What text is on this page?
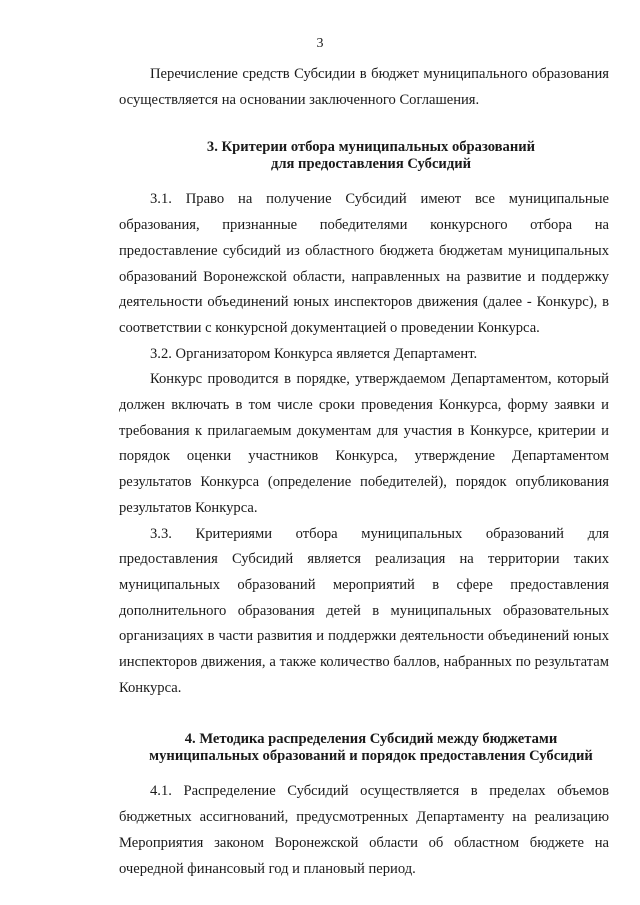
3

Перечисление средств Субсидии в бюджет муниципального образования осуществляется на основании заключенного Соглашения.

3. Критерии отбора муниципальных образований
для предоставления Субсидий

3.1. Право на получение Субсидий имеют все муниципальные образования, признанные победителями конкурсного отбора на предоставление субсидий из областного бюджета бюджетам муниципальных образований Воронежской области, направленных на развитие и поддержку деятельности объединений юных инспекторов движения (далее - Конкурс), в соответствии с конкурсной документацией о проведении Конкурса.

3.2. Организатором Конкурса является Департамент.

Конкурс проводится в порядке, утверждаемом Департаментом, который должен включать в том числе сроки проведения Конкурса, форму заявки и требования к прилагаемым документам для участия в Конкурсе, критерии и порядок оценки участников Конкурса, утверждение Департаментом результатов Конкурса (определение победителей), порядок опубликования результатов Конкурса.

3.3. Критериями отбора муниципальных образований для предоставления Субсидий является реализация на территории таких муниципальных образований мероприятий в сфере предоставления дополнительного образования детей в муниципальных образовательных организациях в части развития и поддержки деятельности объединений юных инспекторов движения, а также количество баллов, набранных по результатам Конкурса.

4. Методика распределения Субсидий между бюджетами
муниципальных образований и порядок предоставления Субсидий

4.1. Распределение Субсидий осуществляется в пределах объемов бюджетных ассигнований, предусмотренных Департаменту на реализацию Мероприятия законом Воронежской области об областном бюджете на очередной финансовый год и плановый период.
